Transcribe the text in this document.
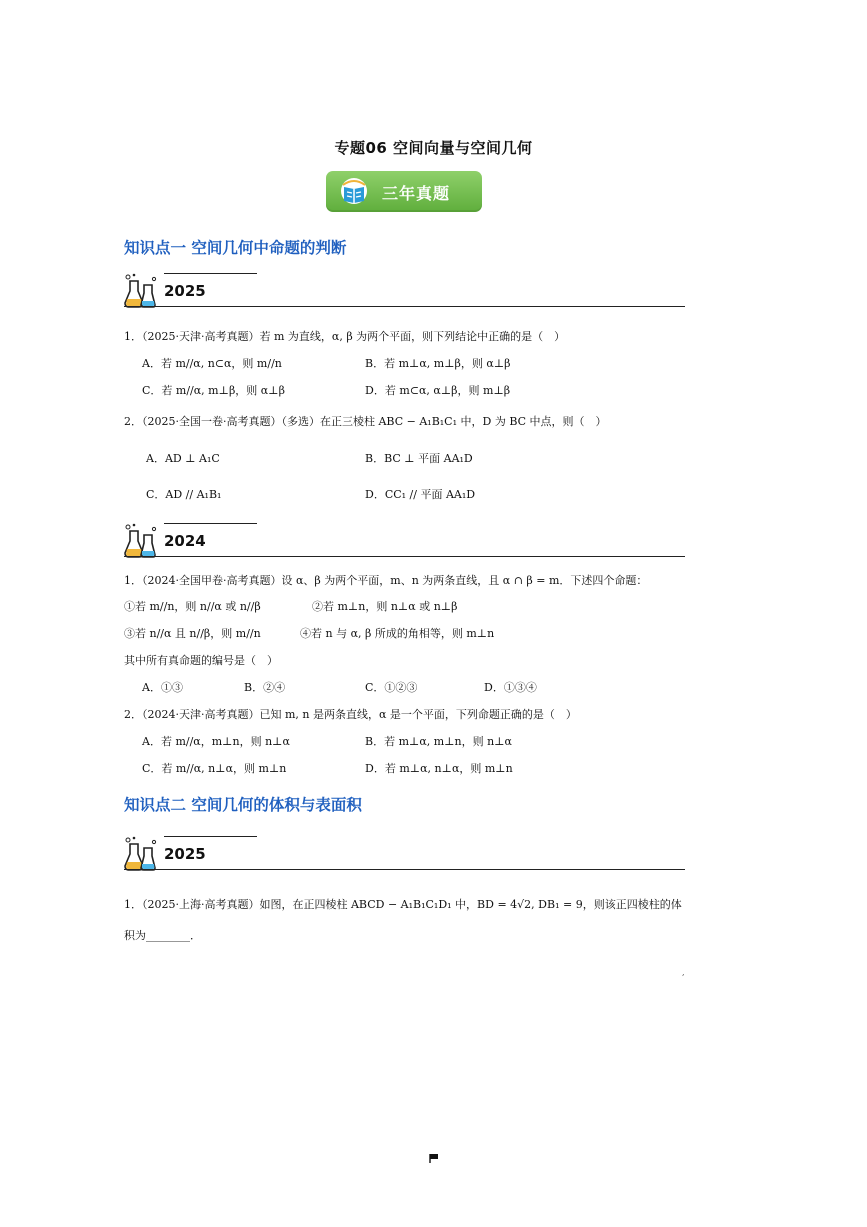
专题06 空间向量与空间几何
三年真题
知识点一 空间几何中命题的判断
2025
1．（2025·天津·高考真题）若 m 为直线，α, β 为两个平面，则下列结论中正确的是（　）
A．若 m//α, n⊂α，则 m//n	B．若 m⊥α, m⊥β，则 α⊥β
C．若 m//α, m⊥β，则 α⊥β	D．若 m⊂α, α⊥β，则 m⊥β
2．（2025·全国一卷·高考真题）（多选）在正三棱柱 ABC − A₁B₁C₁ 中，D 为 BC 中点，则（　）
A．AD ⊥ A₁C	B．BC ⊥ 平面 AA₁D
C．AD // A₁B₁	D．CC₁ // 平面 AA₁D
2024
1．（2024·全国甲卷·高考真题）设 α、β 为两个平面，m、n 为两条直线，且 α ∩ β = m．下述四个命题：
①若 m//n，则 n//α 或 n//β	②若 m⊥n，则 n⊥α 或 n⊥β
③若 n//α 且 n//β，则 m//n	④若 n 与 α, β 所成的角相等，则 m⊥n
其中所有真命题的编号是（　）
A．①③	B．②④	C．①②③	D．①③④
2．（2024·天津·高考真题）已知 m, n 是两条直线，α 是一个平面，下列命题正确的是（　）
A．若 m//α，m⊥n，则 n⊥α	B．若 m⊥α, m⊥n，则 n⊥α
C．若 m//α, n⊥α，则 m⊥n	D．若 m⊥α, n⊥α，则 m⊥n
知识点二 空间几何的体积与表面积
2025
1．（2025·上海·高考真题）如图，在正四棱柱 ABCD − A₁B₁C₁D₁ 中，BD = 4√2, DB₁ = 9，则该正四棱柱的体
积为________．
,
